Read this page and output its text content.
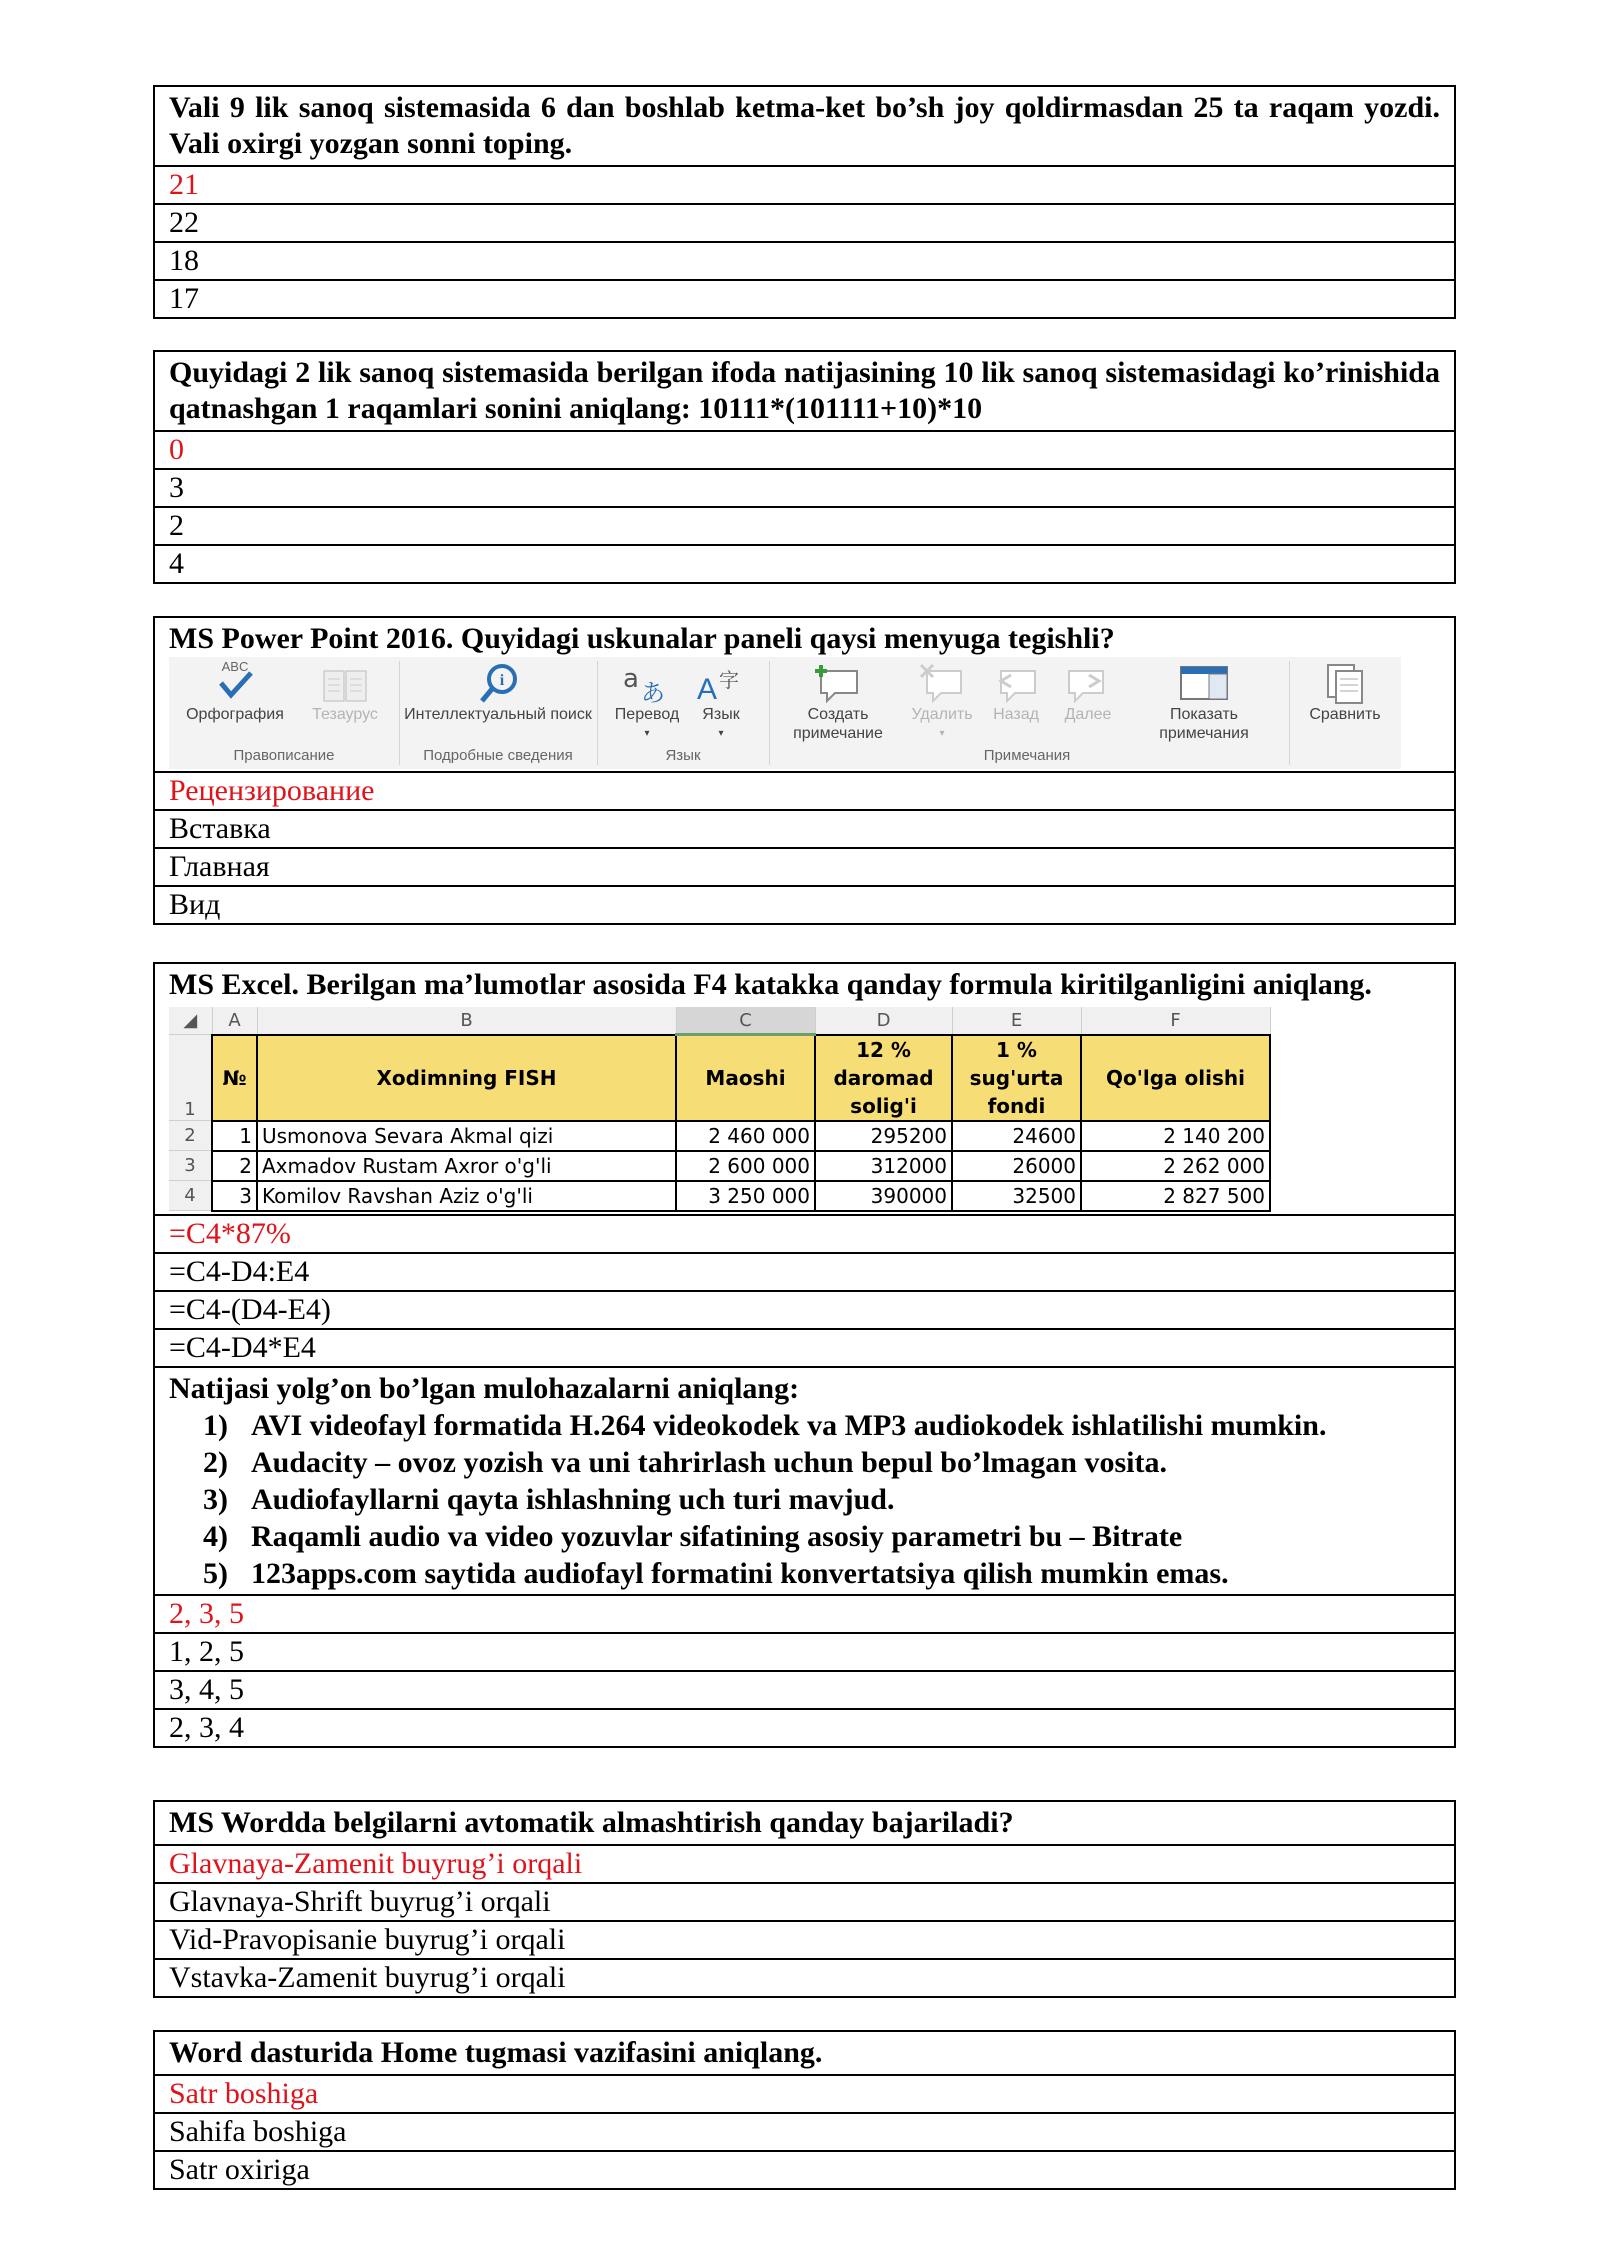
Vali 9 lik sanoq sistemasida 6 dan boshlab ketma-ket bo’sh joy qoldirmasdan 25 ta raqam yozdi. Vali oxirgi yozgan sonni toping.
21
22
18
17
Quyidagi 2 lik sanoq sistemasida berilgan ifoda natijasining 10 lik sanoq sistemasidagi ko’rinishida qatnashgan 1 raqamlari sonini aniqlang: 10111*(101111+10)*10
0
3
2
4
MS Power Point 2016. Quyidagi uskunalar paneli qaysi menyuga tegishli?
ABC
Орфография	Тезаурус
i
Интеллектуальный поиск
a あ
Перевод
▾
A 字
Язык
▾
Создать примечание
Удалить
▾
Назад	Далее	Показать примечания
Правописание	Подробные сведения	Язык	Примечания
Сравнить
Рецензирование
Вставка
Главная
Вид
MS Excel. Berilgan ma’lumotlar asosida F4 katakka qanday formula kiritilganligini aniqlang.
◢	A	B	C	D	E	F
1	№	Xodimning FISH	Maoshi	12 % daromad solig'i	1 % sug'urta fondi	Qo'lga olishi
2	1	Usmonova Sevara Akmal qizi	2 460 000	295200	24600	2 140 200
3	2	Axmadov Rustam Axror o'g'li	2 600 000	312000	26000	2 262 000
4	3	Komilov Ravshan Aziz o'g'li	3 250 000	390000	32500	2 827 500
=C4*87%
=C4-D4:E4
=C4-(D4-E4)
=C4-D4*E4
Natijasi yolg’on bo’lgan mulohazalarni aniqlang:
1) AVI videofayl formatida H.264 videokodek va MP3 audiokodek ishlatilishi mumkin.
2) Audacity – ovoz yozish va uni tahrirlash uchun bepul bo’lmagan vosita.
3) Audiofayllarni qayta ishlashning uch turi mavjud.
4) Raqamli audio va video yozuvlar sifatining asosiy parametri bu – Bitrate
5) 123apps.com saytida audiofayl formatini konvertatsiya qilish mumkin emas.
2, 3, 5
1, 2, 5
3, 4, 5
2, 3, 4
MS Wordda belgilarni avtomatik almashtirish qanday bajariladi?
Glavnaya-Zamenit buyrug’i orqali
Glavnaya-Shrift buyrug’i orqali
Vid-Pravopisanie buyrug’i orqali
Vstavka-Zamenit buyrug’i orqali
Word dasturida Home tugmasi vazifasini aniqlang.
Satr boshiga
Sahifa boshiga
Satr oxiriga
